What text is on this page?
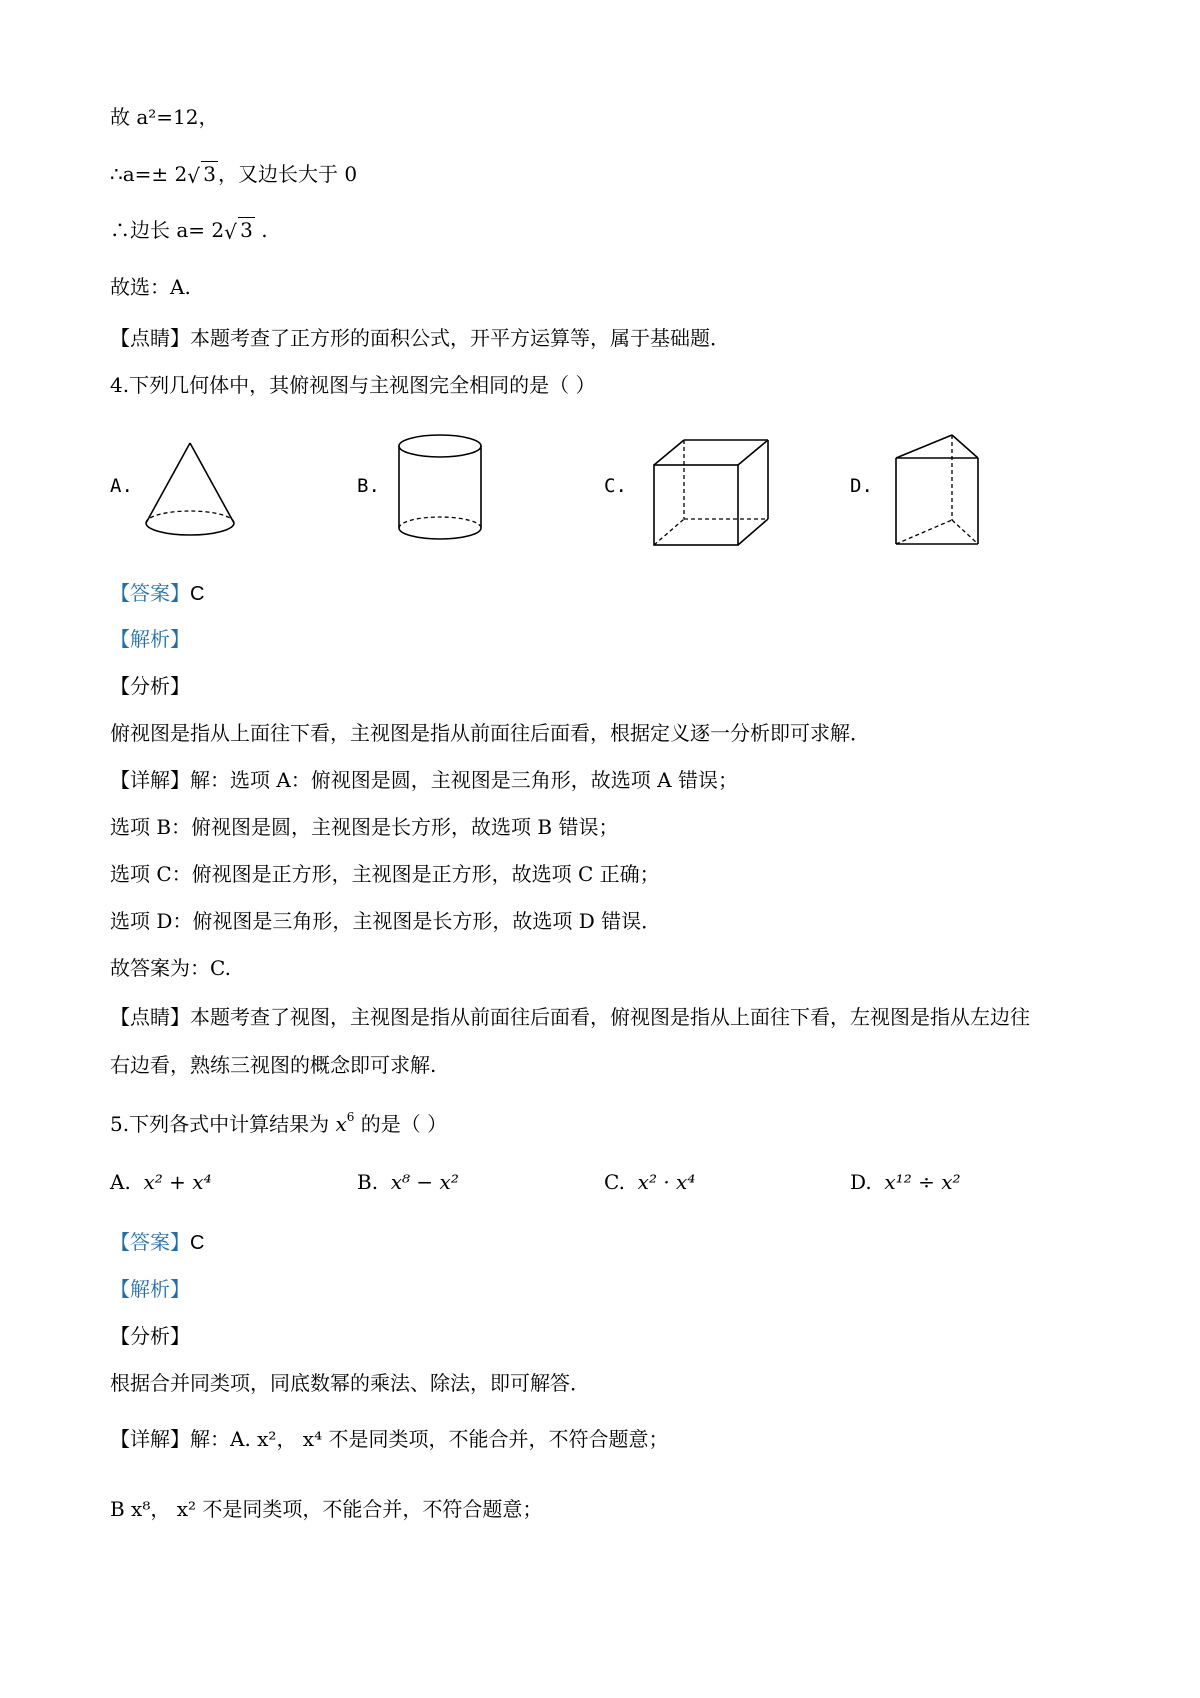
故 a²=12，
∴a=± 2 √ 3 ，又边长大于 0
∴边长 a= 2 √ 3 .
故选：A.
【点睛】本题考查了正方形的面积公式，开平方运算等，属于基础题．
4.下列几何体中，其俯视图与主视图完全相同的是（ ）
A.	B.	C.	D.
【答案】C
【解析】
【分析】
俯视图是指从上面往下看，主视图是指从前面往后面看，根据定义逐一分析即可求解．
【详解】解：选项 A：俯视图是圆，主视图是三角形，故选项 A 错误；
选项 B：俯视图是圆，主视图是长方形，故选项 B 错误；
选项 C：俯视图是正方形，主视图是正方形，故选项 C 正确；
选项 D：俯视图是三角形，主视图是长方形，故选项 D 错误．
故答案为：C.
【点睛】本题考查了视图，主视图是指从前面往后面看，俯视图是指从上面往下看，左视图是指从左边往
右边看，熟练三视图的概念即可求解.
5.下列各式中计算结果为 $x^6$ 的是（ ）
A. x² + x⁴	B. x⁸ − x²	C. x² · x⁴	D. x¹² ÷ x²
【答案】C
【解析】
【分析】
根据合并同类项，同底数幂的乘法、除法，即可解答．
【详解】解：A. x²， x⁴ 不是同类项，不能合并，不符合题意；
B x⁸， x² 不是同类项，不能合并，不符合题意；
